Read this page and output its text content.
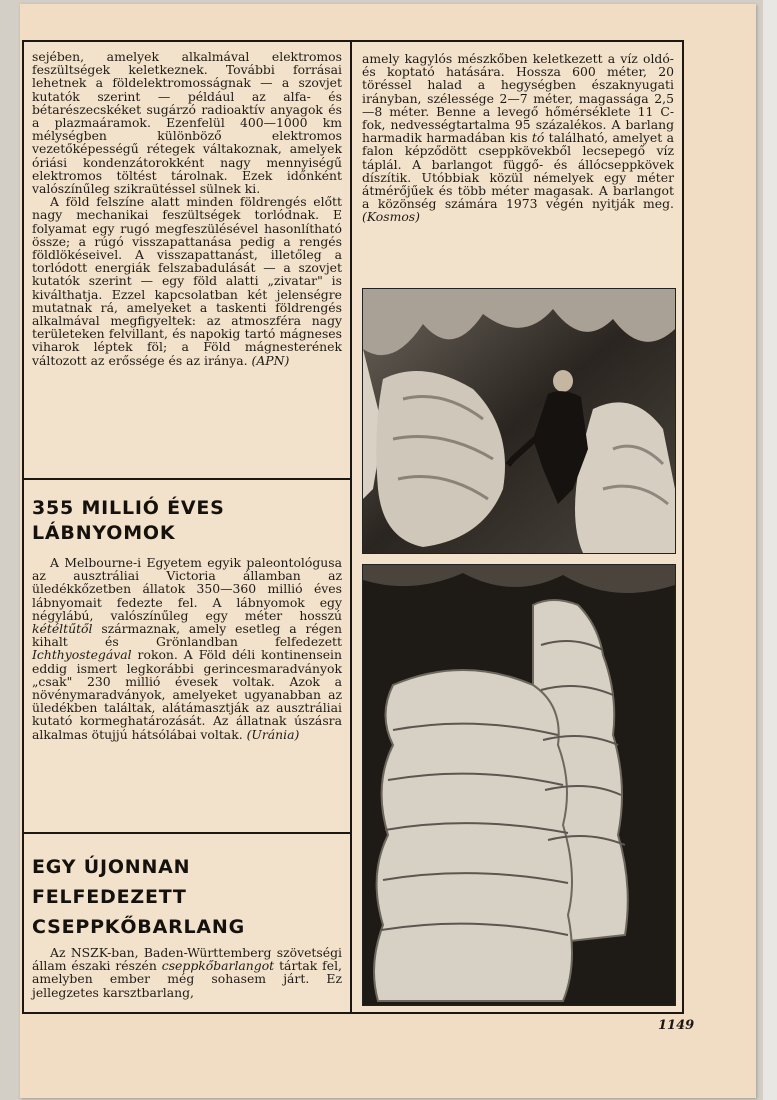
sejében, amelyek alkalmával elektromos feszültségek keletkeznek. További forrásai lehetnek a földelektromosságnak — a szovjet kutatók szerint — például az alfa- és bétarészecskéket sugárzó radioaktív anyagok és a plazmaáramok. Ezenfelül 400—1000 km mélységben különböző elektromos vezetőképességű rétegek váltakoznak, amelyek óriási kondenzátorokként nagy mennyiségű elektromos töltést tárolnak. Ezek időnként valószínűleg szikraütéssel sülnek ki.

A föld felszíne alatt minden földrengés előtt nagy mechanikai feszültségek torlódnak. E folyamat egy rugó megfeszülésével hasonlítható össze; a rúgó visszapattanása pedig a rengés földlökéseivel. A visszapattanást, illetőleg a torlódott energiák felszabadulását — a szovjet kutatók szerint — egy föld alatti „zivatar" is kiválthatja. Ezzel kapcsolatban két jelenségre mutatnak rá, amelyeket a taskenti földrengés alkalmával megfigyeltek: az atmoszféra nagy területeken felvillant, és napokig tartó mágneses viharok léptek föl; a Föld mágnesterének változott az erőssége és az iránya. (APN)

355 MILLIÓ ÉVES
LÁBNYOMOK

A Melbourne-i Egyetem egyik paleontológusa az ausztráliai Victoria államban az üledékkőzetben állatok 350—360 millió éves lábnyomait fedezte fel. A lábnyomok egy négylábú, valószínűleg egy méter hosszú kétéltűtől származnak, amely esetleg a régen kihalt és Grönlandban felfedezett Ichthyostegával rokon. A Föld déli kontinensein eddig ismert legkorábbi gerincesmaradványok „csak" 230 millió évesek voltak. Azok a növénymaradványok, amelyeket ugyanabban az üledékben találtak, alátámasztják az ausztráliai kutató kormeghatározását. Az állatnak úszásra alkalmas ötujjú hátsólábai voltak. (Uránia)

EGY ÚJONNAN
FELFEDEZETT
CSEPPKŐBARLANG

Az NSZK-ban, Baden-Württemberg szövetségi állam északi részén cseppkőbarlangot tártak fel, amelyben ember még sohasem járt. Ez jellegzetes karsztbarlang,

amely kagylós mészkőben keletkezett a víz oldó- és koptató hatására. Hossza 600 méter, 20 töréssel halad a hegységben északnyugati irányban, szélessége 2—7 méter, magassága 2,5—8 méter. Benne a levegő hőmérséklete 11 C-fok, nedvességtartalma 95 százalékos. A barlang harmadik harmadában kis tó található, amelyet a falon képződött cseppkövekből lecsepegő víz táplál. A barlangot függő- és állócseppkövek díszítik. Utóbbiak közül némelyek egy méter átmérőjűek és több méter magasak. A barlangot a közönség számára 1973 végén nyitják meg. (Kosmos)

1149
